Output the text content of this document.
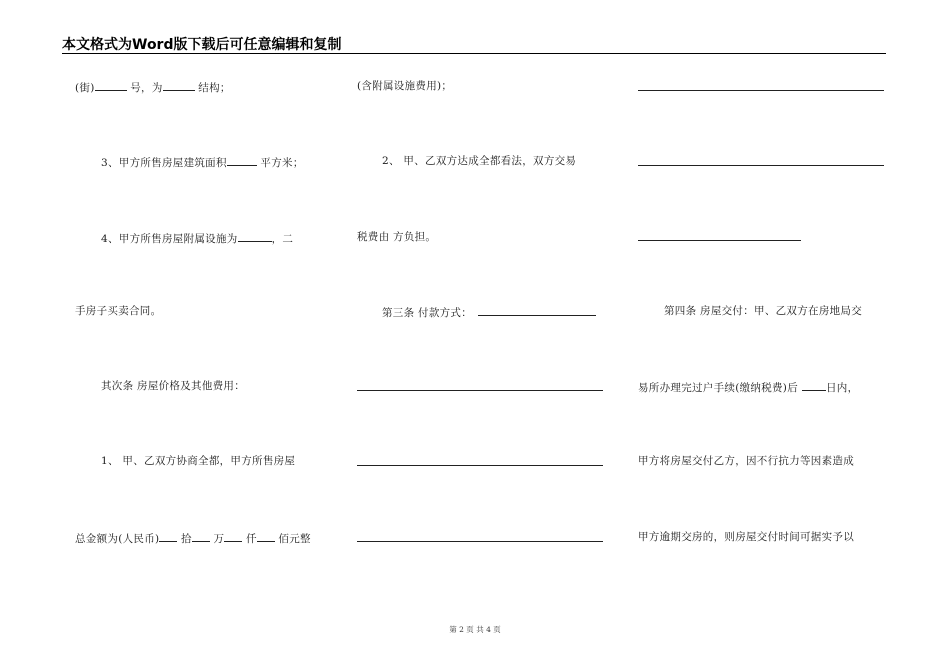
本文格式为Word版下载后可任意编辑和复制
(街)	号，为	结构；
3、甲方所售房屋建筑面积	平方米；
4、甲方所售房屋附属设施为	，二
手房子买卖合同。
其次条 房屋价格及其他费用：
1、 甲、乙双方协商全都，甲方所售房屋
总金额为(人民币) 拾 万 仟 佰元整
(含附属设施费用)；
2、 甲、乙双方达成全都看法，双方交易
税费由 方负担。
第三条 付款方式：	第四条 房屋交付：甲、乙双方在房地局交
易所办理完过户手续(缴纳税费)后	日内，
甲方将房屋交付乙方，因不行抗力等因素造成
甲方逾期交房的，则房屋交付时间可据实予以
第 2 页 共 4 页
